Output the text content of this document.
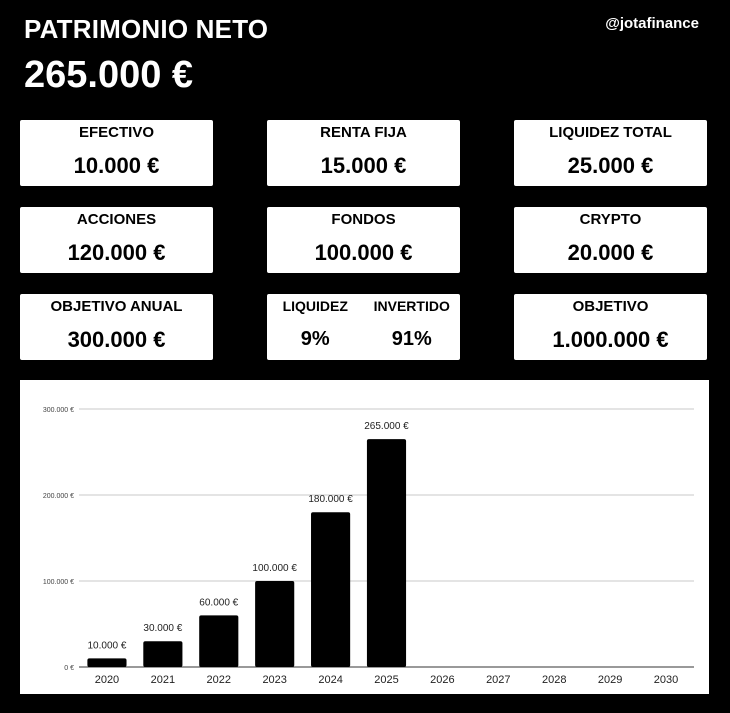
PATRIMONIO NETO
265.000 €
@jotafinance
EFECTIVO
10.000 €
RENTA FIJA
15.000 €
LIQUIDEZ TOTAL
25.000 €
ACCIONES
120.000 €
FONDOS
100.000 €
CRYPTO
20.000 €
OBJETIVO ANUAL
300.000 €
LIQUIDEZ
9%
INVERTIDO
91%
OBJETIVO
1.000.000 €
0 €
100.000 €
200.000 €
300.000 €
10.000 €
2020
30.000 €
2021
60.000 €
2022
100.000 €
2023
180.000 €
2024
265.000 €
2025	2026	2027	2028	2029	2030
